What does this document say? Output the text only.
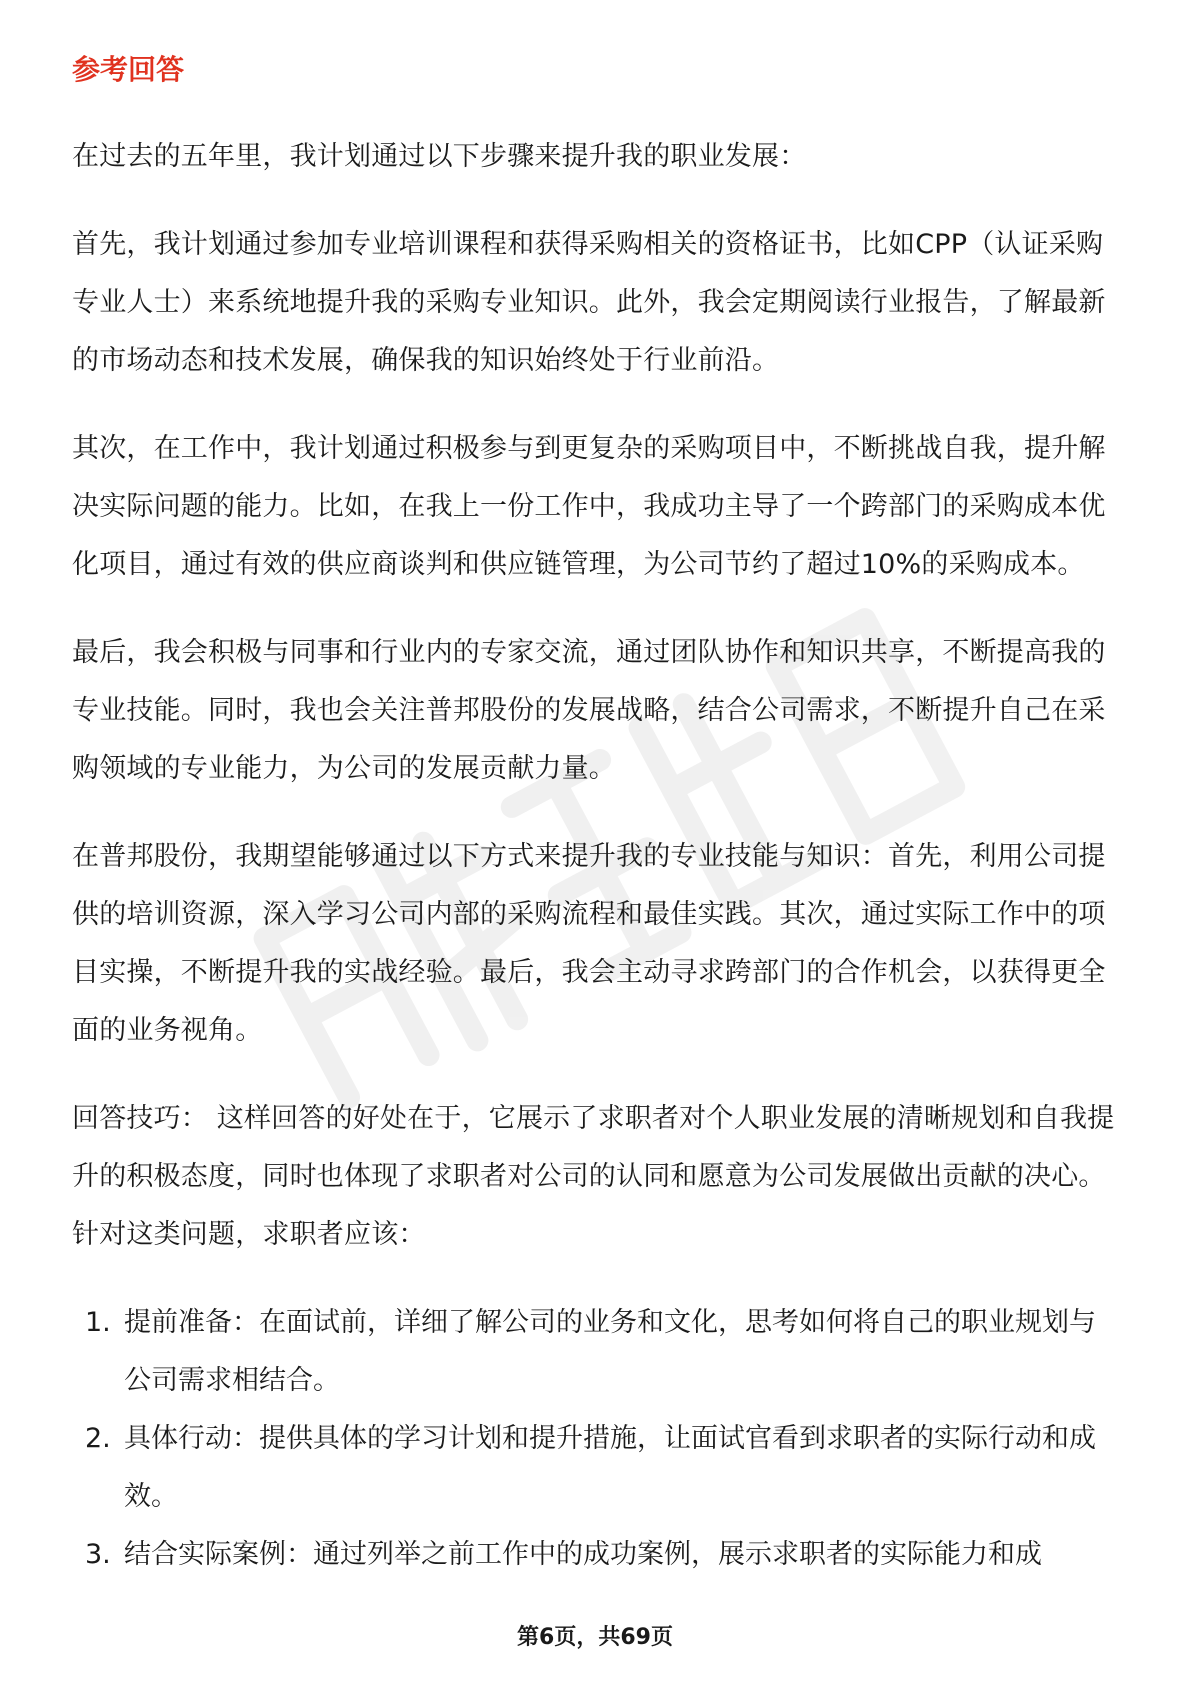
参考回答

在过去的五年里，我计划通过以下步骤来提升我的职业发展：

首先，我计划通过参加专业培训课程和获得采购相关的资格证书，比如CPP（认证采购专业人士）来系统地提升我的采购专业知识。此外，我会定期阅读行业报告，了解最新的市场动态和技术发展，确保我的知识始终处于行业前沿。

其次，在工作中，我计划通过积极参与到更复杂的采购项目中，不断挑战自我，提升解决实际问题的能力。比如，在我上一份工作中，我成功主导了一个跨部门的采购成本优化项目，通过有效的供应商谈判和供应链管理，为公司节约了超过10%的采购成本。

最后，我会积极与同事和行业内的专家交流，通过团队协作和知识共享，不断提高我的专业技能。同时，我也会关注普邦股份的发展战略，结合公司需求，不断提升自己在采购领域的专业能力，为公司的发展贡献力量。

在普邦股份，我期望能够通过以下方式来提升我的专业技能与知识：首先，利用公司提供的培训资源，深入学习公司内部的采购流程和最佳实践。其次，通过实际工作中的项目实操，不断提升我的实战经验。最后，我会主动寻求跨部门的合作机会，以获得更全面的业务视角。

回答技巧： 这样回答的好处在于，它展示了求职者对个人职业发展的清晰规划和自我提升的积极态度，同时也体现了求职者对公司的认同和愿意为公司发展做出贡献的决心。针对这类问题，求职者应该：

1. 提前准备：在面试前，详细了解公司的业务和文化，思考如何将自己的职业规划与公司需求相结合。
2. 具体行动：提供具体的学习计划和提升措施，让面试官看到求职者的实际行动和成效。
3. 结合实际案例：通过列举之前工作中的成功案例，展示求职者的实际能力和成
第6页，共69页
